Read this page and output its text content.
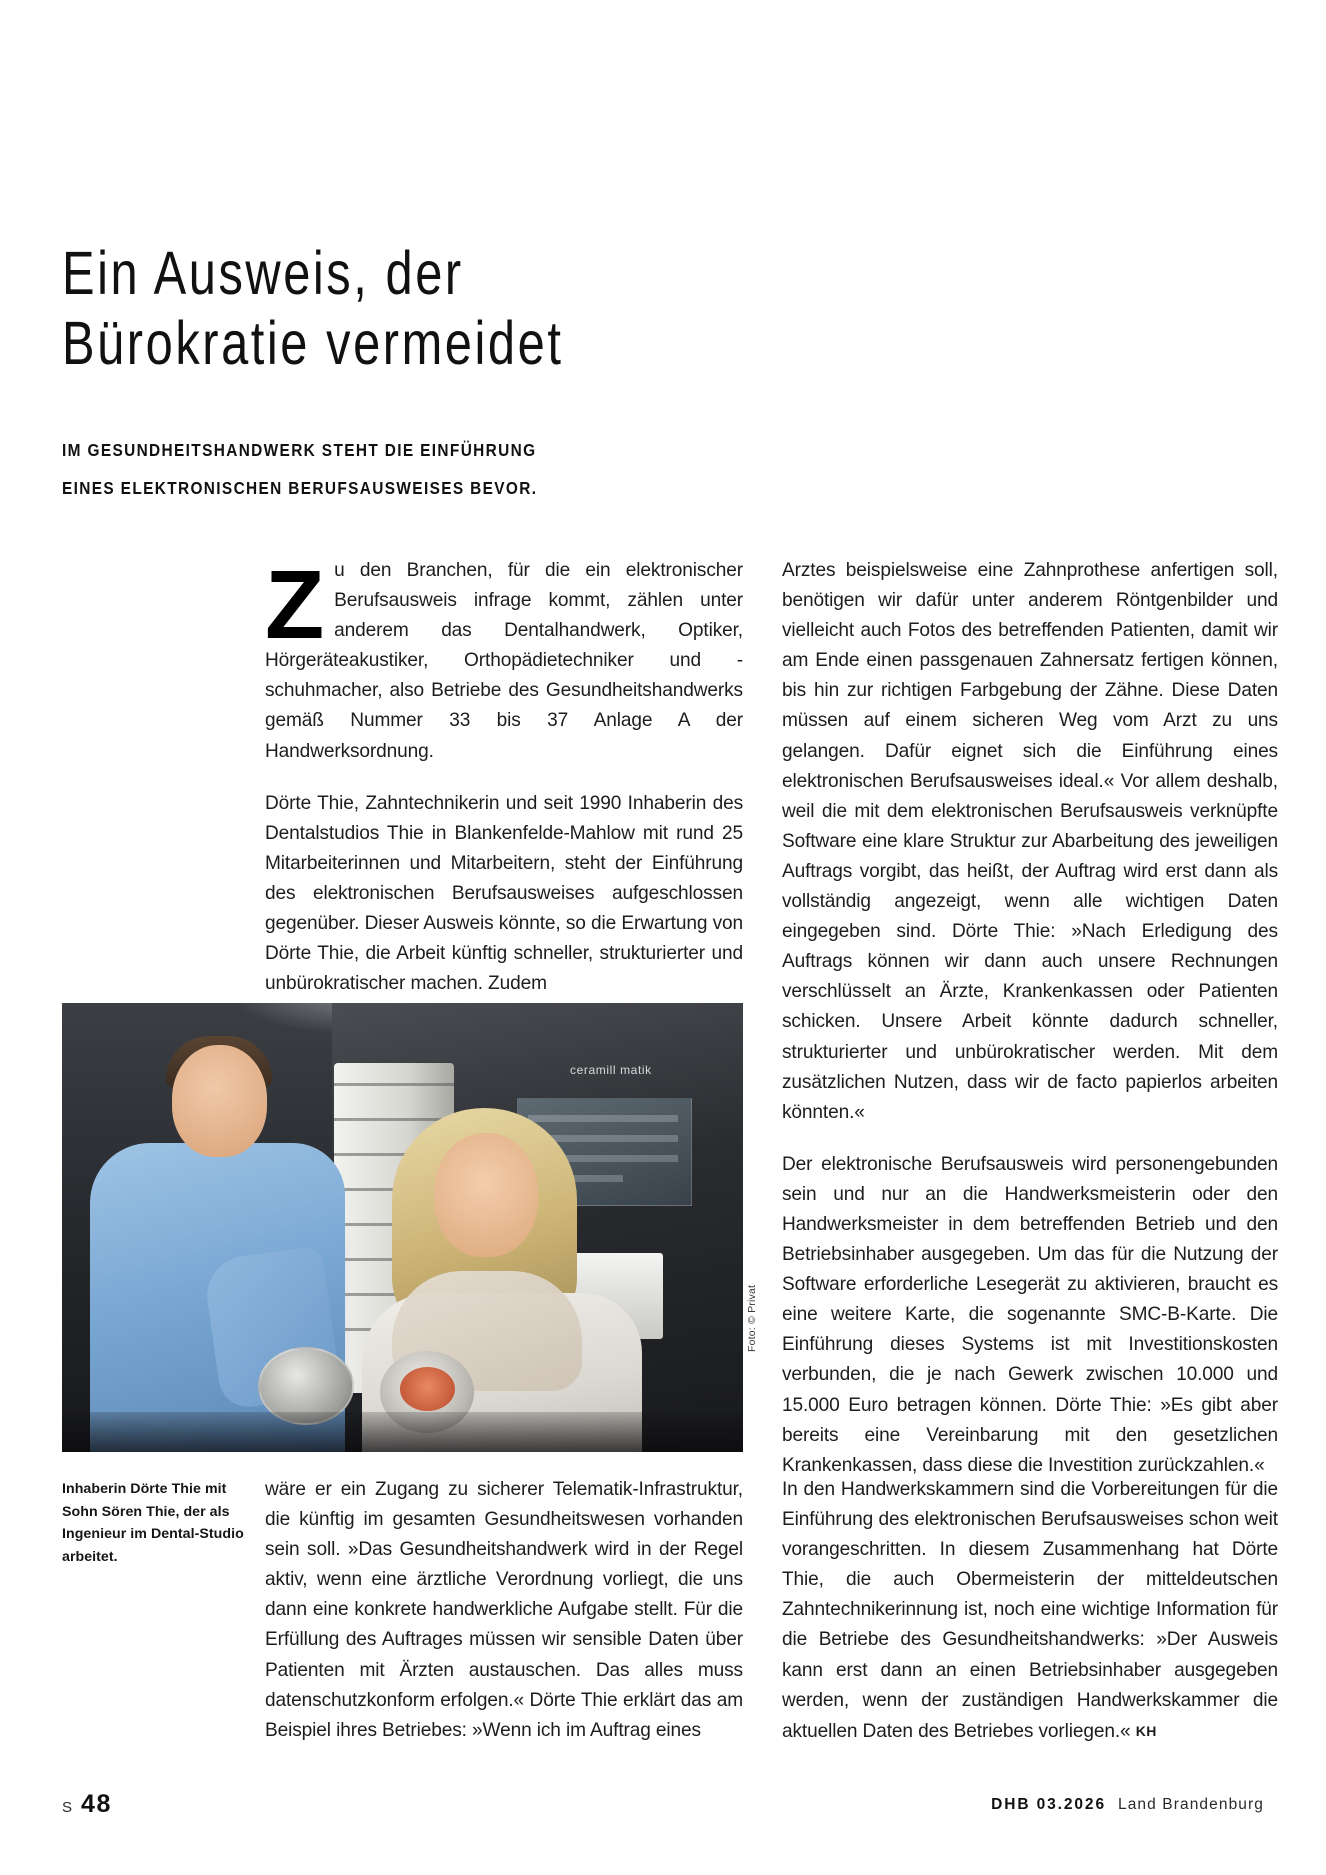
Ein Ausweis, der
Bürokratie vermeidet
IM GESUNDHEITSHANDWERK STEHT DIE EINFÜHRUNG
EINES ELEKTRONISCHEN BERUFSAUSWEISES BEVOR.

Zu den Branchen, für die ein elektronischer Berufsausweis infrage kommt, zählen unter anderem das Dentalhandwerk, Optiker, Hörgeräteakustiker, Orthopädietechniker und -schuhmacher, also Betriebe des Gesundheitshandwerks gemäß Nummer 33 bis 37 Anlage A der Handwerksordnung.

Dörte Thie, Zahntechnikerin und seit 1990 Inhaberin des Dentalstudios Thie in Blankenfelde-Mahlow mit rund 25 Mitarbeiterinnen und Mitarbeitern, steht der Einführung des elektronischen Berufsausweises aufgeschlossen gegenüber. Dieser Ausweis könnte, so die Erwartung von Dörte Thie, die Arbeit künftig schneller, strukturierter und unbürokratischer machen. Zudem

Arztes beispielsweise eine Zahnprothese anfertigen soll, benötigen wir dafür unter anderem Röntgenbilder und vielleicht auch Fotos des betreffenden Patienten, damit wir am Ende einen passgenauen Zahnersatz fertigen können, bis hin zur richtigen Farbgebung der Zähne. Diese Daten müssen auf einem sicheren Weg vom Arzt zu uns gelangen. Dafür eignet sich die Einführung eines elektronischen Berufsausweises ideal.« Vor allem deshalb, weil die mit dem elektronischen Berufsausweis verknüpfte Software eine klare Struktur zur Abarbeitung des jeweiligen Auftrags vorgibt, das heißt, der Auftrag wird erst dann als vollständig angezeigt, wenn alle wichtigen Daten eingegeben sind. Dörte Thie: »Nach Erledigung des Auftrags können wir dann auch unsere Rechnungen verschlüsselt an Ärzte, Krankenkassen oder Patienten schicken. Unsere Arbeit könnte dadurch schneller, strukturierter und unbürokratischer werden. Mit dem zusätzlichen Nutzen, dass wir de facto papierlos arbeiten könnten.«

Der elektronische Berufsausweis wird personengebunden sein und nur an die Handwerksmeisterin oder den Handwerksmeister in dem betreffenden Betrieb und den Betriebsinhaber ausgegeben. Um das für die Nutzung der Software erforderliche Lesegerät zu aktivieren, braucht es eine weitere Karte, die sogenannte SMC-B-Karte. Die Einführung dieses Systems ist mit Investitionskosten verbunden, die je nach Gewerk zwischen 10.000 und 15.000 Euro betragen können. Dörte Thie: »Es gibt aber bereits eine Vereinbarung mit den gesetzlichen Krankenkassen, dass diese die Investition zurückzahlen.«

ceramill matik
Foto: © Privat
Inhaberin Dörte Thie mit Sohn Sören Thie, der als Ingenieur im Dental-Studio arbeitet.

wäre er ein Zugang zu sicherer Telematik-Infrastruktur, die künftig im gesamten Gesundheitswesen vorhanden sein soll. »Das Gesundheitshandwerk wird in der Regel aktiv, wenn eine ärztliche Verordnung vorliegt, die uns dann eine konkrete handwerkliche Aufgabe stellt. Für die Erfüllung des Auftrages müssen wir sensible Daten über Patienten mit Ärzten austauschen. Das alles muss datenschutzkonform erfolgen.« Dörte Thie erklärt das am Beispiel ihres Betriebes: »Wenn ich im Auftrag eines

In den Handwerkskammern sind die Vorbereitungen für die Einführung des elektronischen Berufsausweises schon weit vorangeschritten. In diesem Zusammenhang hat Dörte Thie, die auch Obermeisterin der mitteldeutschen Zahntechnikerinnung ist, noch eine wichtige Information für die Betriebe des Gesundheitshandwerks: »Der Ausweis kann erst dann an einen Betriebsinhaber ausgegeben werden, wenn der zuständigen Handwerkskammer die aktuellen Daten des Betriebes vorliegen.« KH

S 48	DHB 03.2026 Land Brandenburg
